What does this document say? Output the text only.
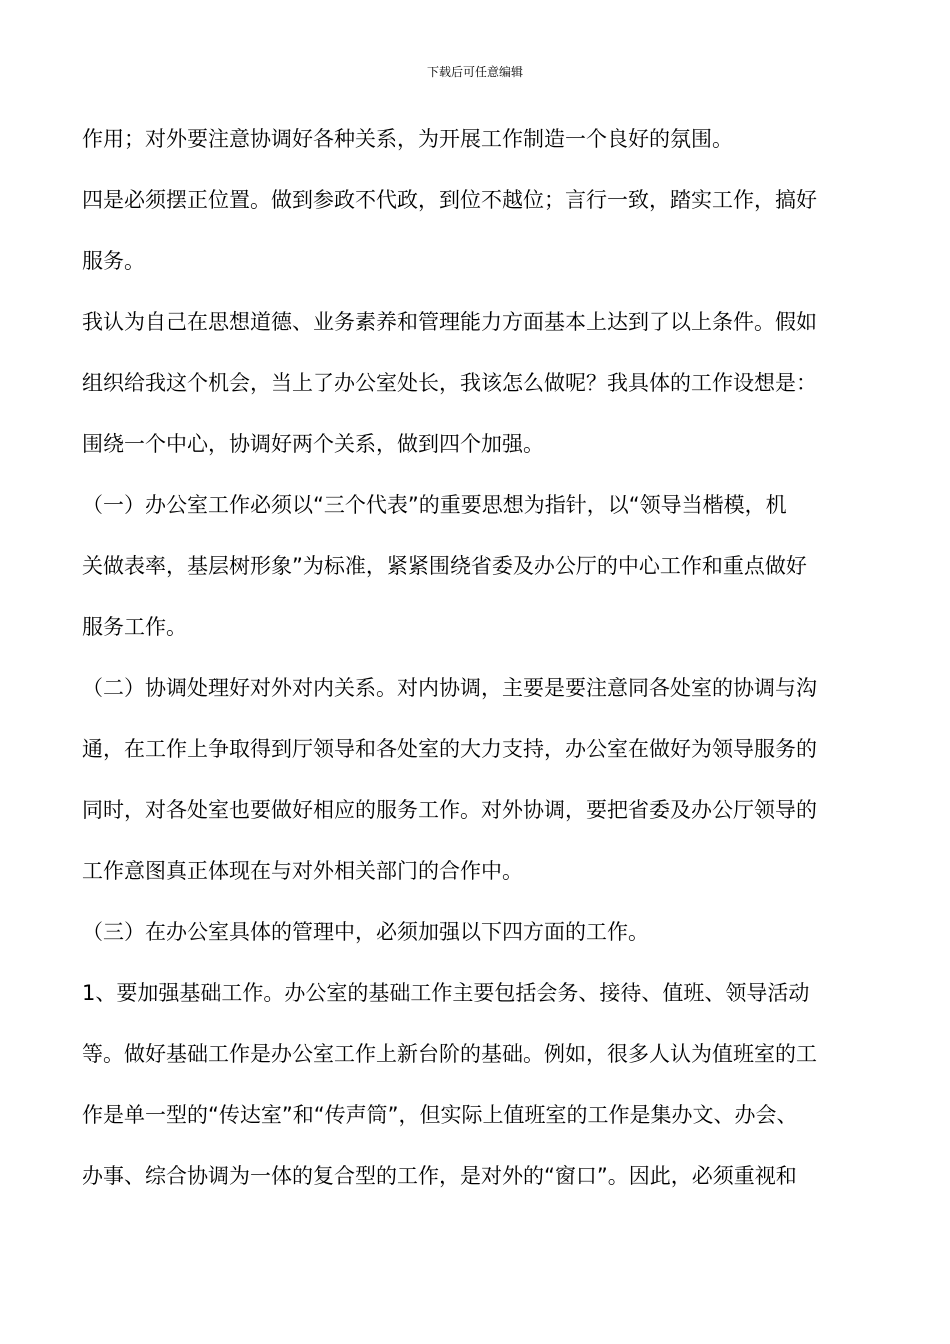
下载后可任意编辑
作用；对外要注意协调好各种关系，为开展工作制造一个良好的氛围。
四是必须摆正位置。做到参政不代政，到位不越位；言行一致，踏实工作，搞好
服务。
我认为自己在思想道德、业务素养和管理能力方面基本上达到了以上条件。假如
组织给我这个机会，当上了办公室处长，我该怎么做呢？我具体的工作设想是：
围绕一个中心，协调好两个关系，做到四个加强。
（一）办公室工作必须以“三个代表”的重要思想为指针，以“领导当楷模，机
关做表率，基层树形象”为标准，紧紧围绕省委及办公厅的中心工作和重点做好
服务工作。
（二）协调处理好对外对内关系。对内协调，主要是要注意同各处室的协调与沟
通，在工作上争取得到厅领导和各处室的大力支持，办公室在做好为领导服务的
同时，对各处室也要做好相应的服务工作。对外协调，要把省委及办公厅领导的
工作意图真正体现在与对外相关部门的合作中。
（三）在办公室具体的管理中，必须加强以下四方面的工作。
1、要加强基础工作。办公室的基础工作主要包括会务、接待、值班、领导活动
等。做好基础工作是办公室工作上新台阶的基础。例如，很多人认为值班室的工
作是单一型的“传达室”和“传声筒”，但实际上值班室的工作是集办文、办会、
办事、综合协调为一体的复合型的工作，是对外的“窗口”。因此，必须重视和
